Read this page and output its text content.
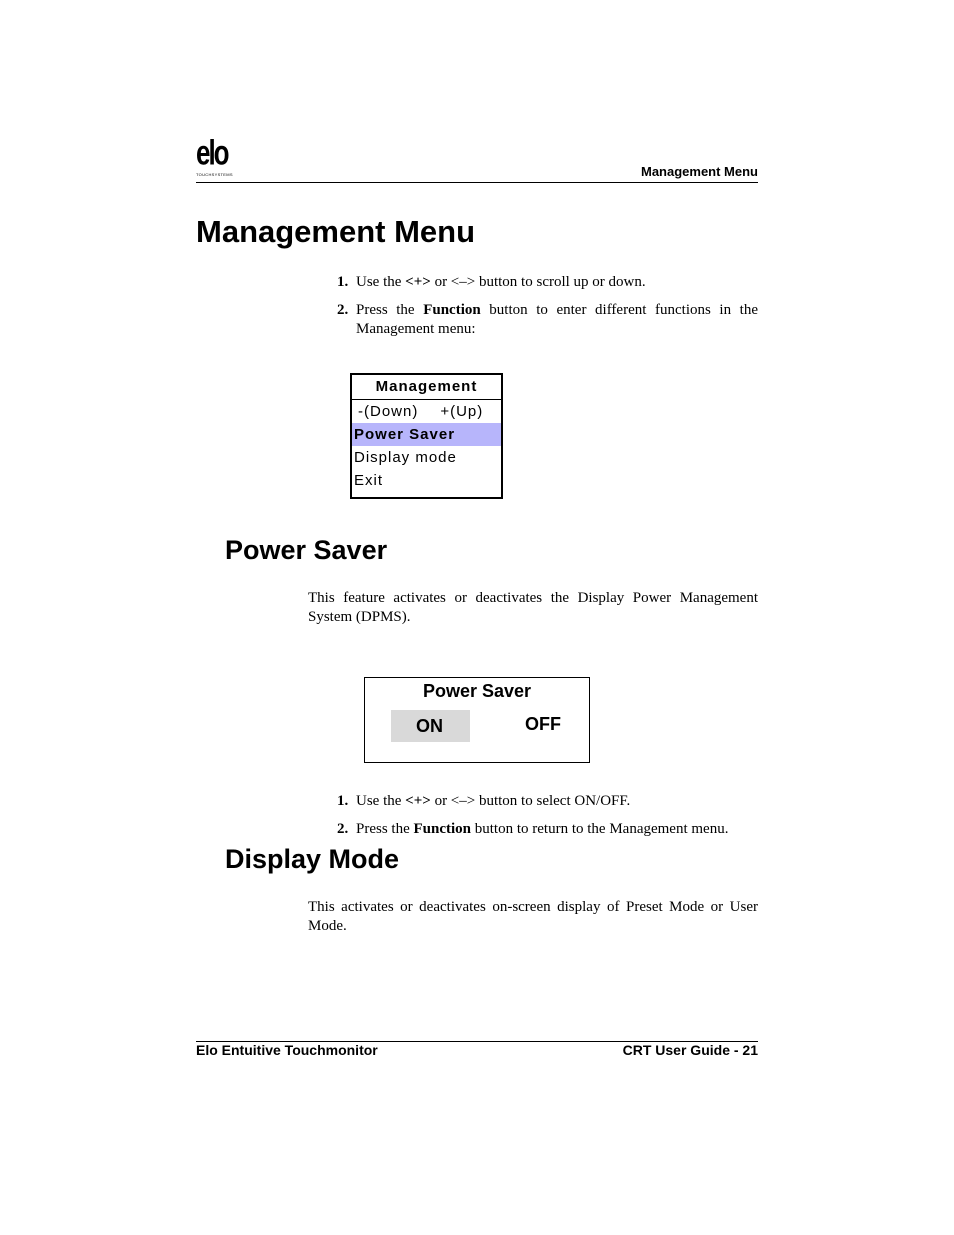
elo
TOUCHSYSTEMS	Management Menu
Management Menu
1. Use the <+> or <–> button to scroll up or down.
2. Press the Function button to enter different functions in the Management menu:
Management
-(Down) +(Up)
Power Saver
Display mode
Exit
Power Saver

This feature activates or deactivates the Display Power Management System (DPMS).

Power Saver
ON	OFF
1. Use the <+> or <–> button to select ON/OFF.
2. Press the Function button to return to the Management menu.
Display Mode

This activates or deactivates on-screen display of Preset Mode or User Mode.

Elo Entuitive Touchmonitor	CRT User Guide - 21
